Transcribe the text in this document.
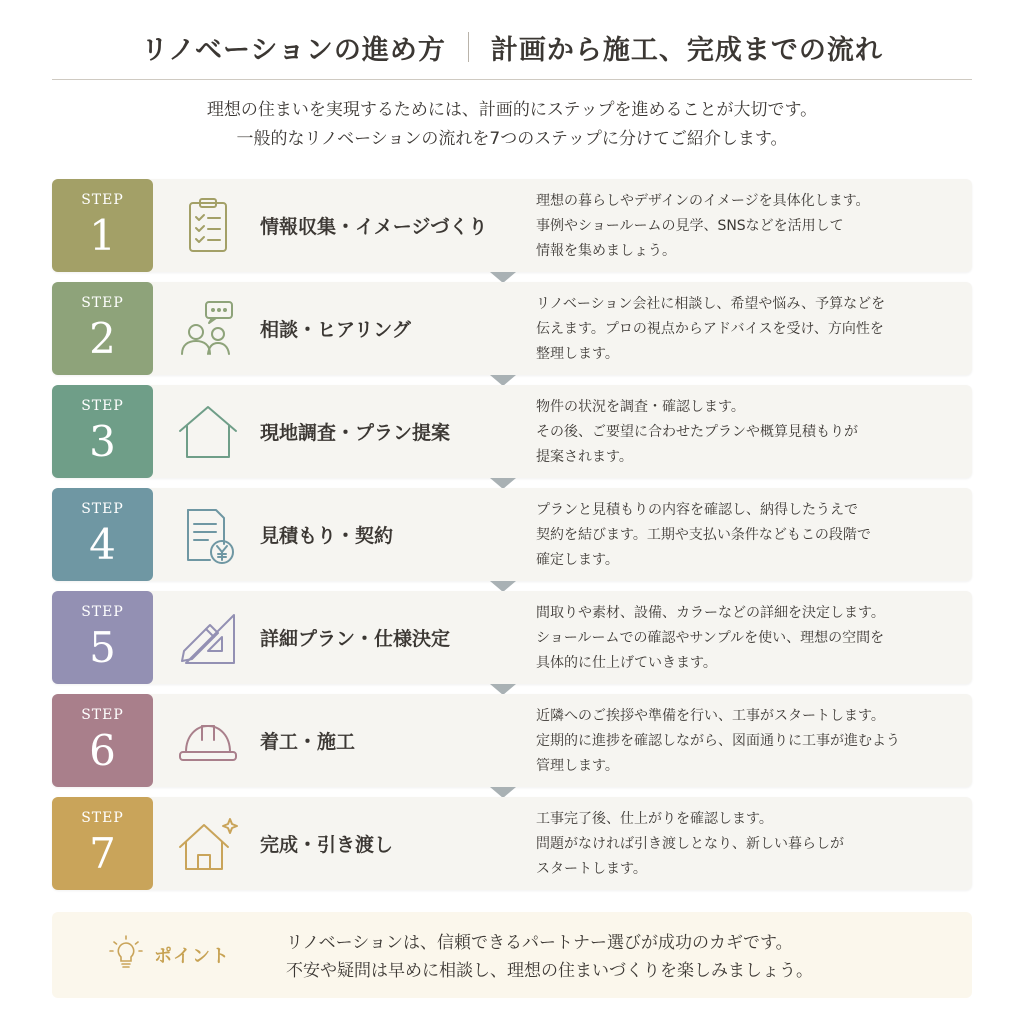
リノベーションの進め方 計画から施工、完成までの流れ

理想の住まいを実現するためには、計画的にステップを進めることが大切です。

一般的なリノベーションの流れを7つのステップに分けてご紹介します。

STEP
1	情報収集・イメージづくり
理想の暮らしやデザインのイメージを具体化します。
事例やショールームの見学、SNSなどを活用して
情報を集めましょう。
STEP
2	相談・ヒアリング
リノベーション会社に相談し、希望や悩み、予算などを
伝えます。プロの視点からアドバイスを受け、方向性を
整理します。
STEP
3	現地調査・プラン提案
物件の状況を調査・確認します。
その後、ご要望に合わせたプランや概算見積もりが
提案されます。
STEP
4	見積もり・契約
プランと見積もりの内容を確認し、納得したうえで
契約を結びます。工期や支払い条件などもこの段階で
確定します。
STEP
5	詳細プラン・仕様決定
間取りや素材、設備、カラーなどの詳細を決定します。
ショールームでの確認やサンプルを使い、理想の空間を
具体的に仕上げていきます。
STEP
6	着工・施工
近隣へのご挨拶や準備を行い、工事がスタートします。
定期的に進捗を確認しながら、図面通りに工事が進むよう
管理します。
STEP
7	完成・引き渡し
工事完了後、仕上がりを確認します。
問題がなければ引き渡しとなり、新しい暮らしが
スタートします。
ポイント

リノベーションは、信頼できるパートナー選びが成功のカギです。

不安や疑問は早めに相談し、理想の住まいづくりを楽しみましょう。
